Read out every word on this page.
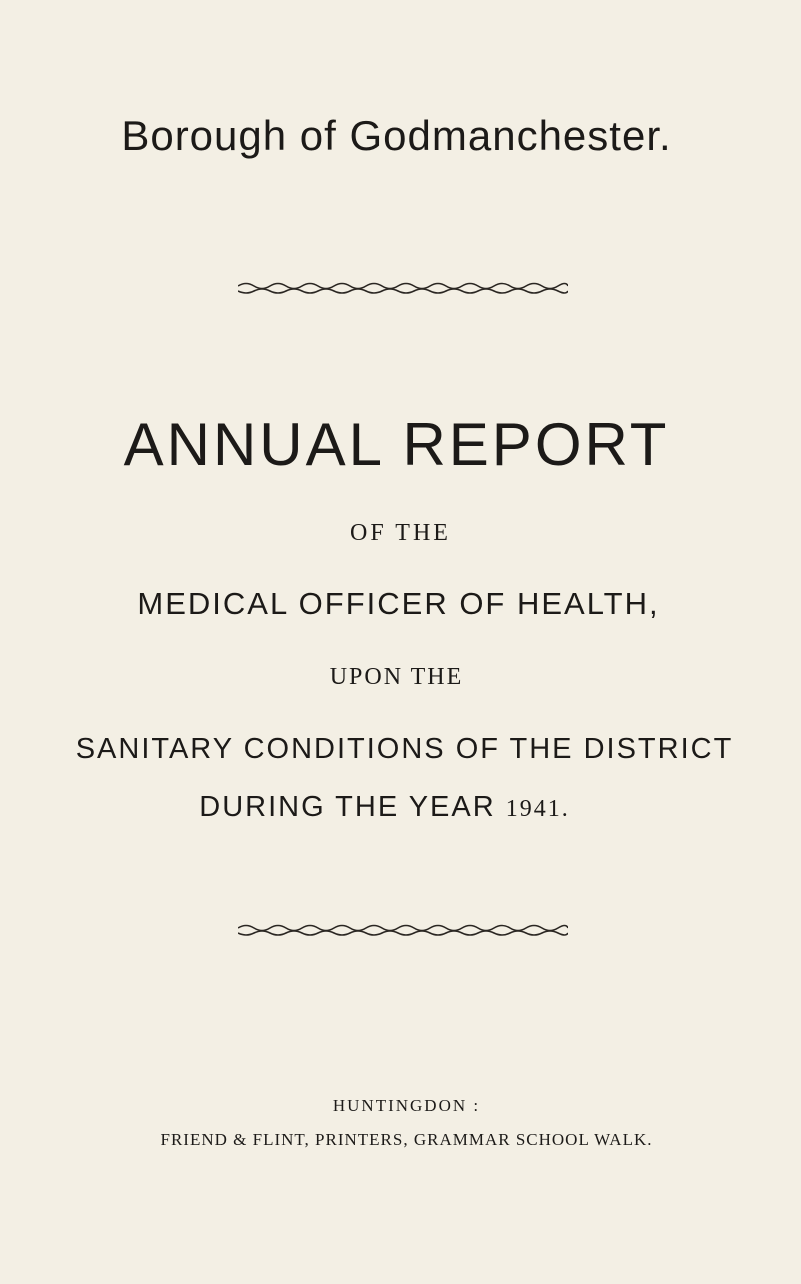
Borough of Godmanchester.
ANNUAL REPORT
OF THE
MEDICAL OFFICER OF HEALTH,
UPON THE
SANITARY CONDITIONS OF THE DISTRICT
DURING THE YEAR 1941.
HUNTINGDON :
FRIEND & FLINT, PRINTERS, GRAMMAR SCHOOL WALK.
